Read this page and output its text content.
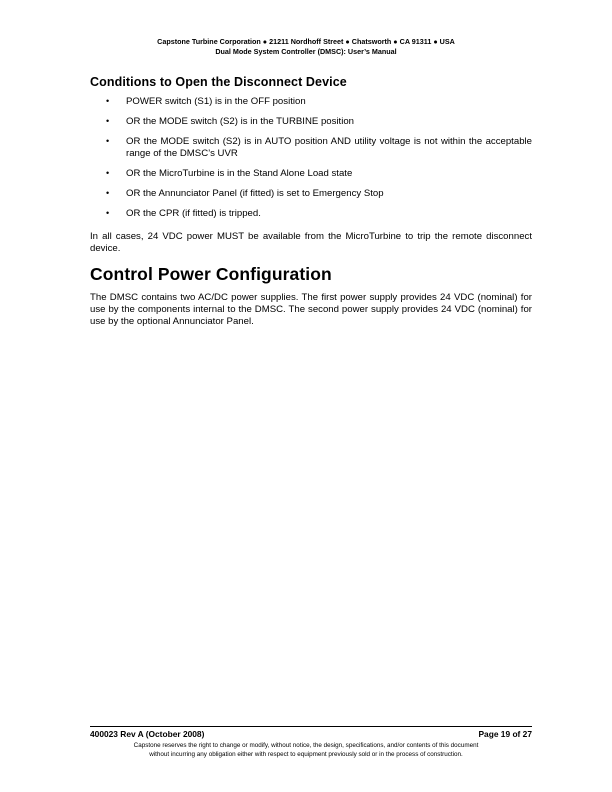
Capstone Turbine Corporation ● 21211 Nordhoff Street ● Chatsworth ● CA 91311 ● USA
Dual Mode System Controller (DMSC): User’s Manual
Conditions to Open the Disconnect Device
• POWER switch (S1) is in the OFF position
• OR the MODE switch (S2) is in the TURBINE position
• OR the MODE switch (S2) is in AUTO position AND utility voltage is not within the acceptable range of the DMSC’s UVR
• OR the MicroTurbine is in the Stand Alone Load state
• OR the Annunciator Panel (if fitted) is set to Emergency Stop
• OR the CPR (if fitted) is tripped.

In all cases, 24 VDC power MUST be available from the MicroTurbine to trip the remote disconnect device.

Control Power Configuration

The DMSC contains two AC/DC power supplies. The first power supply provides 24 VDC (nominal) for use by the components internal to the DMSC. The second power supply provides 24 VDC (nominal) for use by the optional Annunciator Panel.

400023 Rev A (October 2008)	Page 19 of 27
Capstone reserves the right to change or modify, without notice, the design, specifications, and/or contents of this document
without incurring any obligation either with respect to equipment previously sold or in the process of construction.
